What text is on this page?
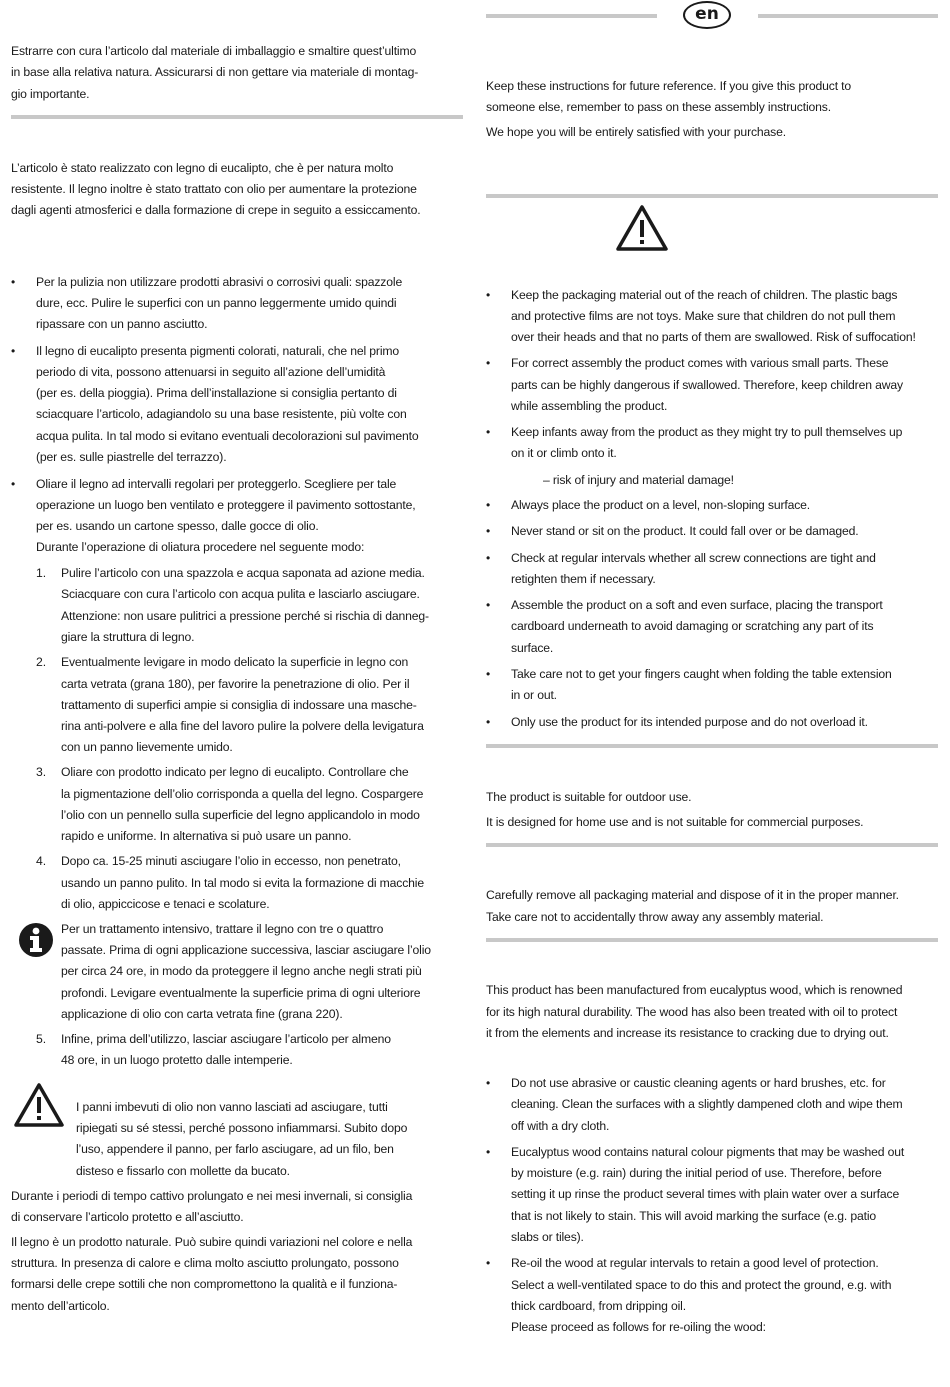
Estrarre con cura l’articolo dal materiale di imballaggio e smaltire quest’ultimo
in base alla relativa natura. Assicurarsi di non gettare via materiale di montag-
gio importante.
L’articolo è stato realizzato con legno di eucalipto, che è per natura molto
resistente. Il legno inoltre è stato trattato con olio per aumentare la protezione
dagli agenti atmosferici e dalla formazione di crepe in seguito a essiccamento.
• Per la pulizia non utilizzare prodotti abrasivi o corrosivi quali: spazzole
dure, ecc. Pulire le superfici con un panno leggermente umido quindi
ripassare con un panno asciutto.
• Il legno di eucalipto presenta pigmenti colorati, naturali, che nel primo
periodo di vita, possono attenuarsi in seguito all’azione dell’umidità
(per es. della pioggia). Prima dell’installazione si consiglia pertanto di
sciacquare l’articolo, adagiandolo su una base resistente, più volte con
acqua pulita. In tal modo si evitano eventuali decolorazioni sul pavimento
(per es. sulle piastrelle del terrazzo).
• Oliare il legno ad intervalli regolari per proteggerlo. Scegliere per tale
operazione un luogo ben ventilato e proteggere il pavimento sottostante,
per es. usando un cartone spesso, dalle gocce di olio.
Durante l’operazione di oliatura procedere nel seguente modo:
1. Pulire l’articolo con una spazzola e acqua saponata ad azione media.
Sciacquare con cura l’articolo con acqua pulita e lasciarlo asciugare.
Attenzione: non usare pulitrici a pressione perché si rischia di danneg-
giare la struttura di legno.
2. Eventualmente levigare in modo delicato la superficie in legno con
carta vetrata (grana 180), per favorire la penetrazione di olio. Per il
trattamento di superfici ampie si consiglia di indossare una masche-
rina anti-polvere e alla fine del lavoro pulire la polvere della levigatura
con un panno lievemente umido.
3. Oliare con prodotto indicato per legno di eucalipto. Controllare che
la pigmentazione dell’olio corrisponda a quella del legno. Cospargere
l’olio con un pennello sulla superficie del legno applicandolo in modo
rapido e uniforme. In alternativa si può usare un panno.
4. Dopo ca. 15-25 minuti asciugare l’olio in eccesso, non penetrato,
usando un panno pulito. In tal modo si evita la formazione di macchie
di olio, appiccicose e tenaci e scolature.
Per un trattamento intensivo, trattare il legno con tre o quattro
passate. Prima di ogni applicazione successiva, lasciar asciugare l’olio
per circa 24 ore, in modo da proteggere il legno anche negli strati più
profondi. Levigare eventualmente la superficie prima di ogni ulteriore
applicazione di olio con carta vetrata fine (grana 220).
5. Infine, prima dell’utilizzo, lasciar asciugare l’articolo per almeno
48 ore, in un luogo protetto dalle intemperie.
I panni imbevuti di olio non vanno lasciati ad asciugare, tutti
ripiegati su sé stessi, perché possono infiammarsi. Subito dopo
l’uso, appendere il panno, per farlo asciugare, ad un filo, ben
disteso e fissarlo con mollette da bucato.
Durante i periodi di tempo cattivo prolungato e nei mesi invernali, si consiglia
di conservare l’articolo protetto e all’asciutto.
Il legno è un prodotto naturale. Può subire quindi variazioni nel colore e nella
struttura. In presenza di calore e clima molto asciutto prolungato, possono
formarsi delle crepe sottili che non compromettono la qualità e il funziona-
mento dell’articolo.
en
Keep these instructions for future reference. If you give this product to
someone else, remember to pass on these assembly instructions.
We hope you will be entirely satisfied with your purchase.
• Keep the packaging material out of the reach of children. The plastic bags
and protective films are not toys. Make sure that children do not pull them
over their heads and that no parts of them are swallowed. Risk of suffocation!
• For correct assembly the product comes with various small parts. These
parts can be highly dangerous if swallowed. Therefore, keep children away
while assembling the product.
• Keep infants away from the product as they might try to pull themselves up
on it or climb onto it.
– risk of injury and material damage!
• Always place the product on a level, non-sloping surface.
• Never stand or sit on the product. It could fall over or be damaged.
• Check at regular intervals whether all screw connections are tight and
retighten them if necessary.
• Assemble the product on a soft and even surface, placing the transport
cardboard underneath to avoid damaging or scratching any part of its
surface.
• Take care not to get your fingers caught when folding the table extension
in or out.
• Only use the product for its intended purpose and do not overload it.
The product is suitable for outdoor use.
It is designed for home use and is not suitable for commercial purposes.
Carefully remove all packaging material and dispose of it in the proper manner.
Take care not to accidentally throw away any assembly material.
This product has been manufactured from eucalyptus wood, which is renowned
for its high natural durability. The wood has also been treated with oil to protect
it from the elements and increase its resistance to cracking due to drying out.
• Do not use abrasive or caustic cleaning agents or hard brushes, etc. for
cleaning. Clean the surfaces with a slightly dampened cloth and wipe them
off with a dry cloth.
• Eucalyptus wood contains natural colour pigments that may be washed out
by moisture (e.g. rain) during the initial period of use. Therefore, before
setting it up rinse the product several times with plain water over a surface
that is not likely to stain. This will avoid marking the surface (e.g. patio
slabs or tiles).
• Re-oil the wood at regular intervals to retain a good level of protection.
Select a well-ventilated space to do this and protect the ground, e.g. with
thick cardboard, from dripping oil.
Please proceed as follows for re-oiling the wood:
